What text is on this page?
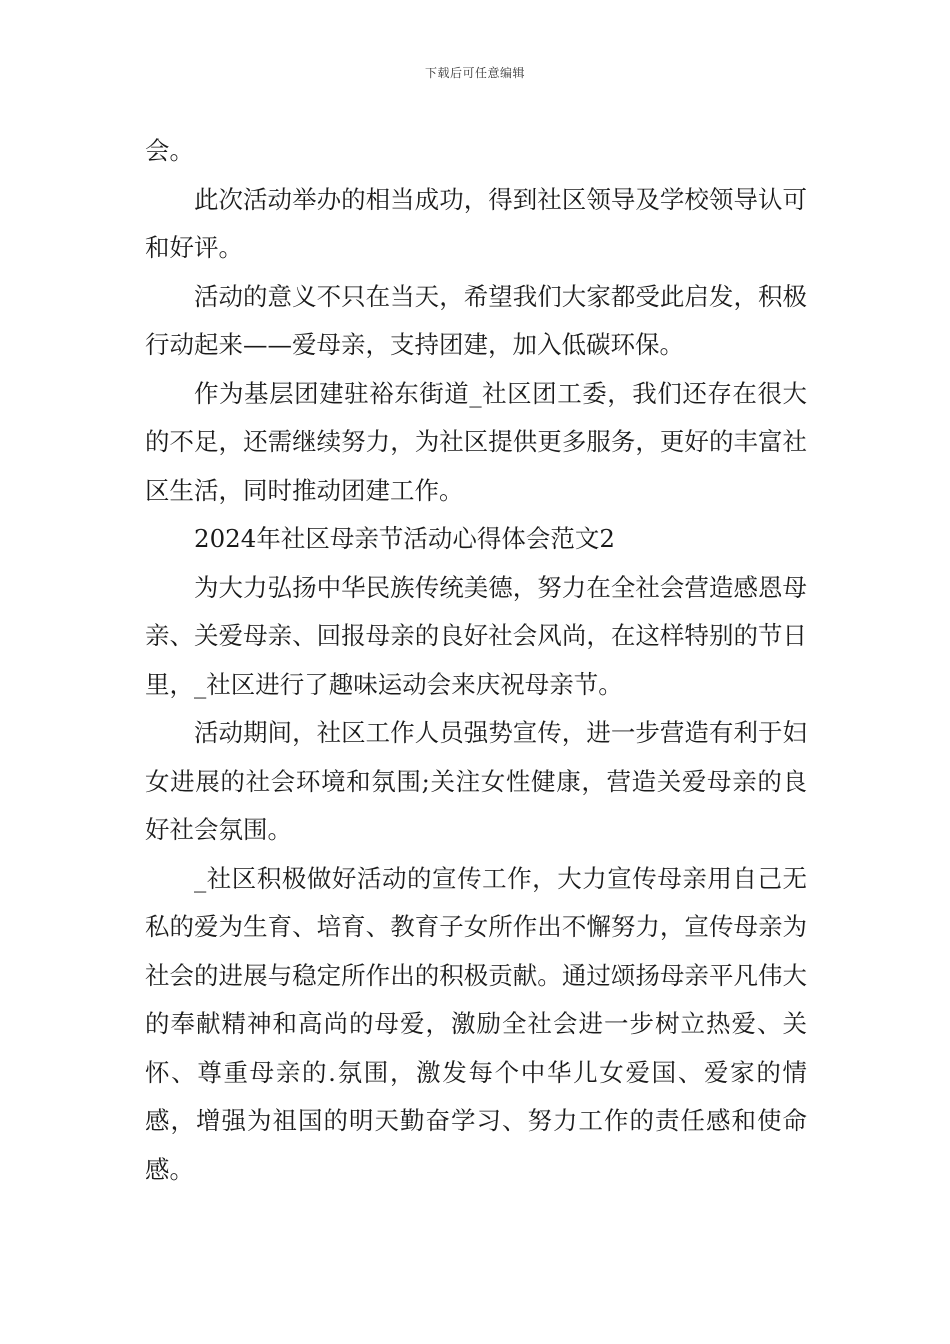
下载后可任意编辑

会。

此次活动举办的相当成功，得到社区领导及学校领导认可和好评。

活动的意义不只在当天，希望我们大家都受此启发，积极行动起来——爱母亲，支持团建，加入低碳环保。

作为基层团建驻裕东街道_社区团工委，我们还存在很大的不足，还需继续努力，为社区提供更多服务，更好的丰富社区生活，同时推动团建工作。

2024年社区母亲节活动心得体会范文2

为大力弘扬中华民族传统美德，努力在全社会营造感恩母亲、关爱母亲、回报母亲的良好社会风尚，在这样特别的节日里，_社区进行了趣味运动会来庆祝母亲节。

活动期间，社区工作人员强势宣传，进一步营造有利于妇女进展的社会环境和氛围;关注女性健康，营造关爱母亲的良好社会氛围。

_社区积极做好活动的宣传工作，大力宣传母亲用自己无私的爱为生育、培育、教育子女所作出不懈努力，宣传母亲为社会的进展与稳定所作出的积极贡献。通过颂扬母亲平凡伟大的奉献精神和高尚的母爱，激励全社会进一步树立热爱、关怀、尊重母亲的.氛围，激发每个中华儿女爱国、爱家的情感，增强为祖国的明天勤奋学习、努力工作的责任感和使命感。
